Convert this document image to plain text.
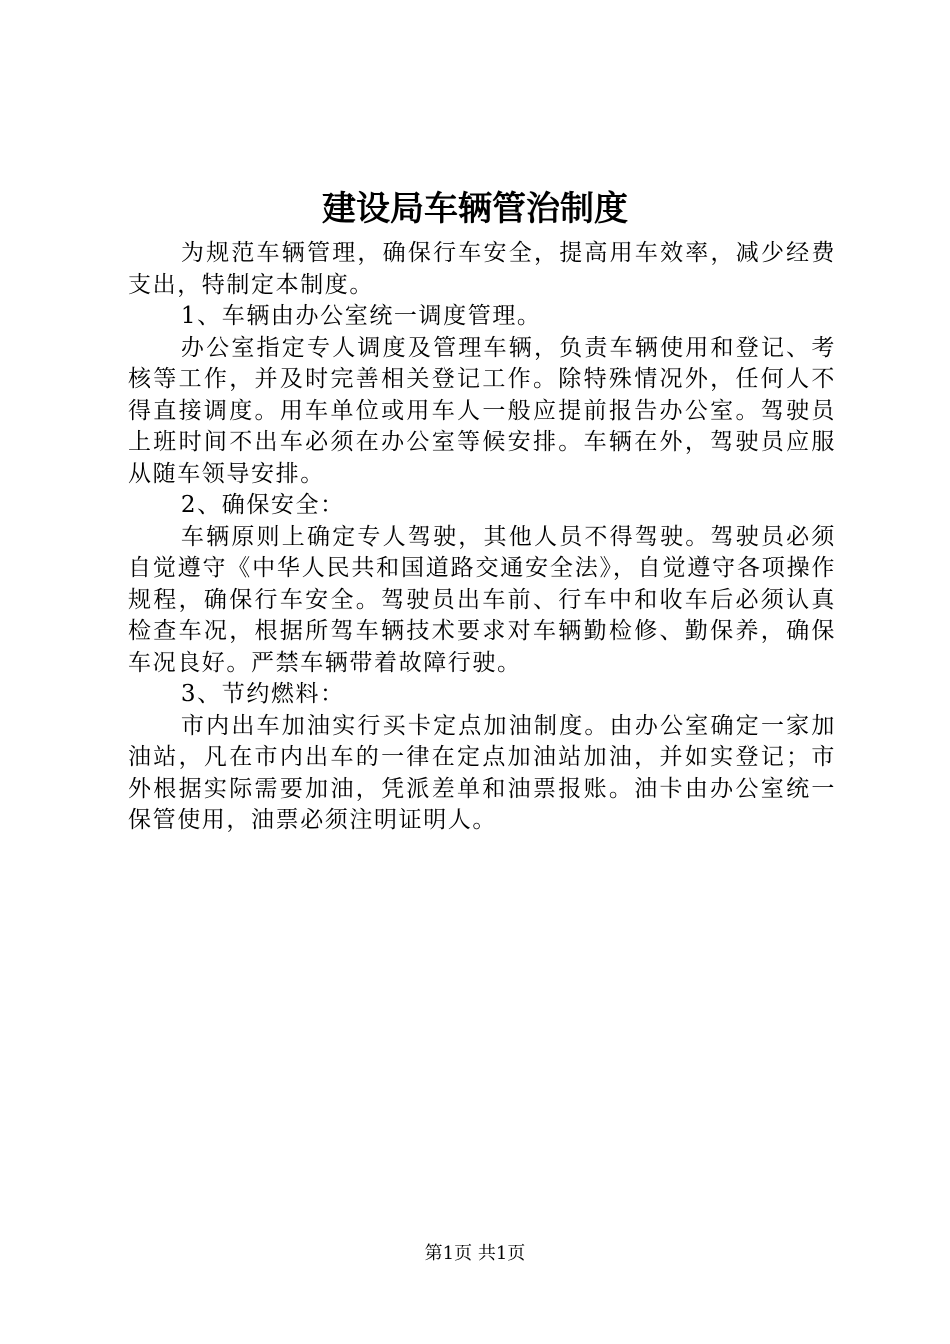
建设局车辆管治制度

为规范车辆管理，确保行车安全，提高用车效率，减少经费支出，特制定本制度。

1、车辆由办公室统一调度管理。

办公室指定专人调度及管理车辆，负责车辆使用和登记、考核等工作，并及时完善相关登记工作。除特殊情况外，任何人不得直接调度。用车单位或用车人一般应提前报告办公室。驾驶员上班时间不出车必须在办公室等候安排。车辆在外，驾驶员应服从随车领导安排。

2、确保安全：

车辆原则上确定专人驾驶，其他人员不得驾驶。驾驶员必须自觉遵守《中华人民共和国道路交通安全法》，自觉遵守各项操作规程，确保行车安全。驾驶员出车前、行车中和收车后必须认真检查车况，根据所驾车辆技术要求对车辆勤检修、勤保养，确保车况良好。严禁车辆带着故障行驶。

3、节约燃料：

市内出车加油实行买卡定点加油制度。由办公室确定一家加油站，凡在市内出车的一律在定点加油站加油，并如实登记；市外根据实际需要加油，凭派差单和油票报账。油卡由办公室统一保管使用，油票必须注明证明人。

第1页 共1页
